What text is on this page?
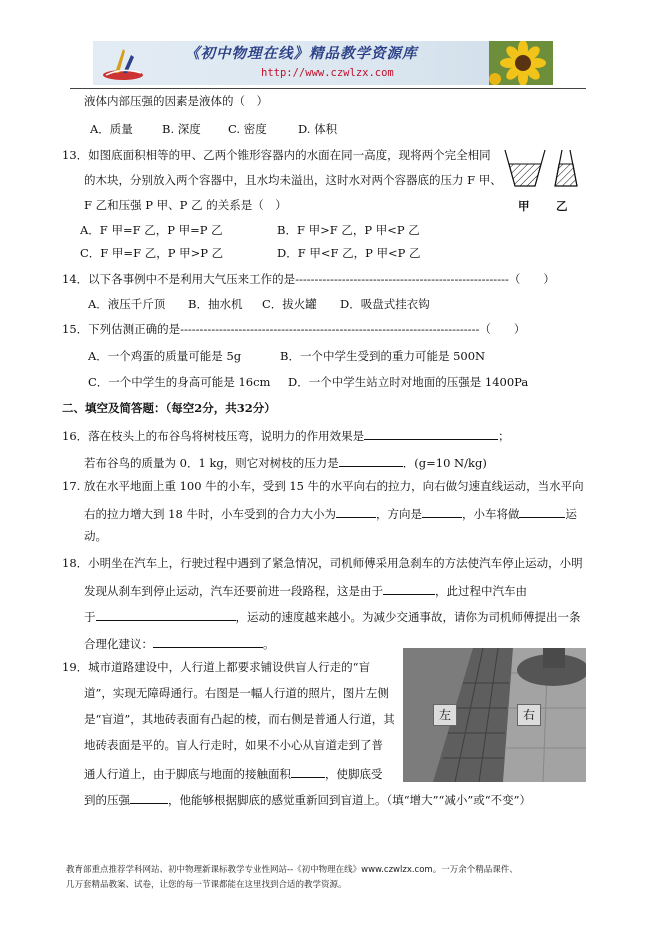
《初中物理在线》精品教学资源库
http://www.czwlzx.com
液体内部压强的因素是液体的（　）
A．质量	B. 深度 C. 密度	D. 体积
13．如图底面积相等的甲、乙两个锥形容器内的水面在同一高度，现将两个完全相同
的木块，分别放入两个容器中，且水均未溢出，这时水对两个容器底的压力 F 甲、
F 乙和压强 P 甲、P 乙 的关系是（　）	甲 乙
A．F 甲=F 乙，P 甲=P 乙	B．F 甲>F 乙，P 甲<P 乙
C．F 甲=F 乙，P 甲>P 乙	D．F 甲<F 乙，P 甲<P 乙
14．以下各事例中不是利用大气压来工作的是-------------------------------------------------------（　　）
A．液压千斤顶 B．抽水机 C．拔火罐 D．吸盘式挂衣钩
15．下列估测正确的是-----------------------------------------------------------------------------（　　）
A．一个鸡蛋的质量可能是 5g	B．一个中学生受到的重力可能是 500N
C．一个中学生的身高可能是 16cm D．一个中学生站立时对地面的压强是 1400Pa
二、填空及简答题：（每空2分，共32分）
16．落在枝头上的布谷鸟将树枝压弯，说明力的作用效果是	；
若布谷鸟的质量为 0．1 kg，则它对树枝的压力是	．(g=10 N/kg)
17. 放在水平地面上重 100 牛的小车，受到 15 牛的水平向右的拉力，向右做匀速直线运动，当水平向
右的拉力增大到 18 牛时，小车受到的合力大小为	，方向是	，小车将做	运
动。
18．小明坐在汽车上，行驶过程中遇到了紧急情况，司机师傅采用急刹车的方法使汽车停止运动，小明
发现从刹车到停止运动，汽车还要前进一段路程，这是由于	，此过程中汽车由
于	，运动的速度越来越小。为减少交通事故，请你为司机师傅提出一条
合理化建议：	。
19．城市道路建设中，人行道上都要求铺设供盲人行走的“盲
道”，实现无障碍通行。右图是一幅人行道的照片，图片左侧
是“盲道”，其地砖表面有凸起的棱，而右侧是普通人行道，其
地砖表面是平的。盲人行走时，如果不小心从盲道走到了普
通人行道上，由于脚底与地面的接触面积	，使脚底受
到的压强	，他能够根据脚底的感觉重新回到盲道上。（填“增大”“减小”或“不变”）
左	右
教育部重点推荐学科网站、初中物理新课标教学专业性网站--《初中物理在线》www.czwlzx.com。一万余个精品课件、
几万套精品教案、试卷，让您的每一节课都能在这里找到合适的教学资源。
